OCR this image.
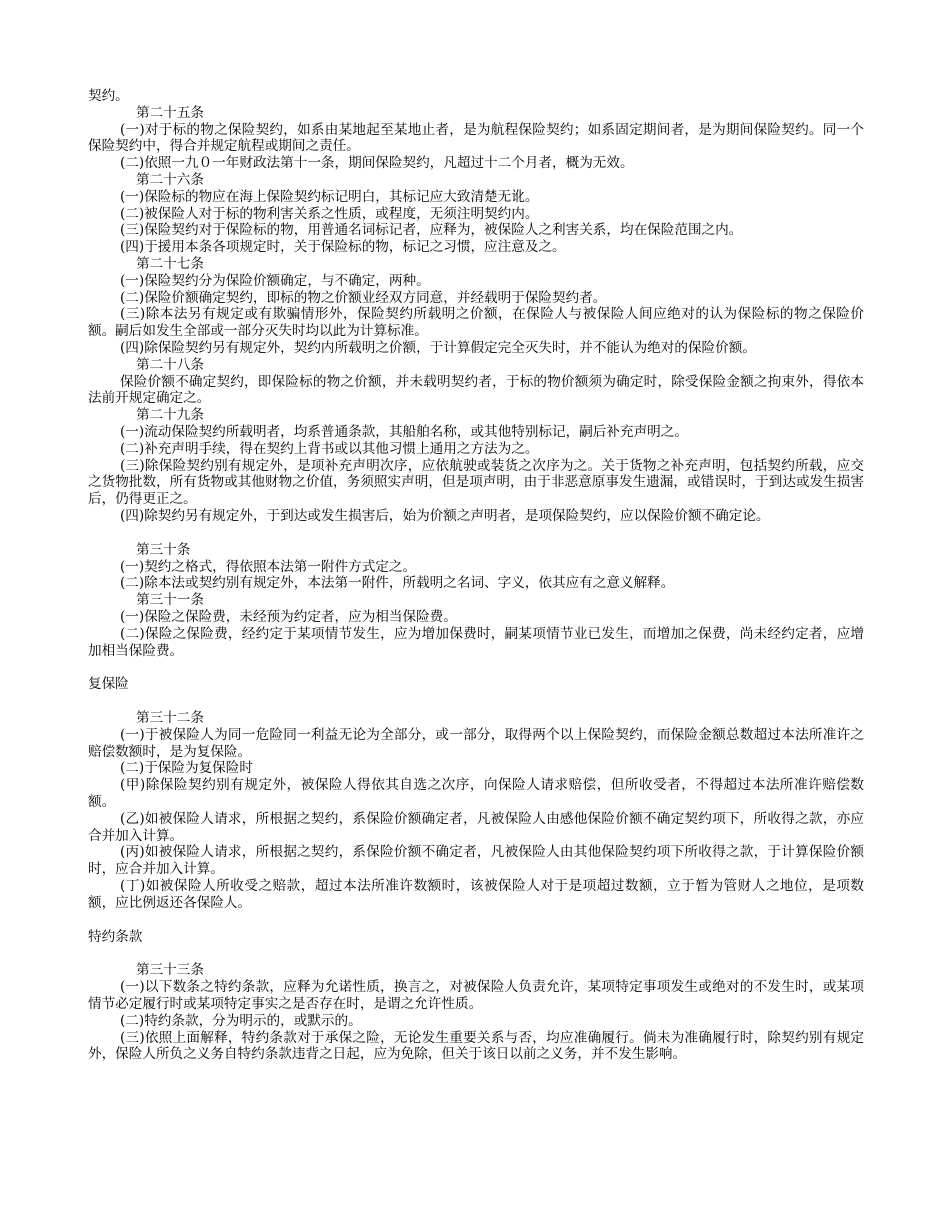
契约。
第二十五条
(一)对于标的物之保险契约，如系由某地起至某地止者，是为航程保险契约；如系固定期间者，是为期间保险契约。同一个保险契约中，得合并规定航程或期间之责任。
(二)依照一九０一年财政法第十一条，期间保险契约，凡超过十二个月者，概为无效。
第二十六条
(一)保险标的物应在海上保险契约标记明白，其标记应大致清楚无讹。
(二)被保险人对于标的物利害关系之性质，或程度，无须注明契约内。
(三)保险契约对于保险标的物，用普通名词标记者，应释为，被保险人之利害关系，均在保险范围之内。
(四)于援用本条各项规定时，关于保险标的物，标记之习惯，应注意及之。
第二十七条
(一)保险契约分为保险价额确定，与不确定，两种。
(二)保险价额确定契约，即标的物之价额业经双方同意，并经载明于保险契约者。
(三)除本法另有规定或有欺骗情形外，保险契约所载明之价额，在保险人与被保险人间应绝对的认为保险标的物之保险价额。嗣后如发生全部或一部分灭失时均以此为计算标准。
(四)除保险契约另有规定外，契约内所载明之价额，于计算假定完全灭失时，并不能认为绝对的保险价额。
第二十八条
保险价额不确定契约，即保险标的物之价额，并未载明契约者，于标的物价额须为确定时，除受保险金额之拘束外，得依本法前开规定确定之。
第二十九条
(一)流动保险契约所载明者，均系普通条款，其船舶名称，或其他特别标记，嗣后补充声明之。
(二)补充声明手续，得在契约上背书或以其他习惯上通用之方法为之。
(三)除保险契约别有规定外，是项补充声明次序，应依航驶或装货之次序为之。关于货物之补充声明，包括契约所载，应交之货物批数，所有货物或其他财物之价值，务须照实声明，但是项声明，由于非恶意原事发生遗漏，或错误时，于到达或发生损害后，仍得更正之。
(四)除契约另有规定外，于到达或发生损害后，始为价额之声明者，是项保险契约，应以保险价额不确定论。
第三十条
(一)契约之格式，得依照本法第一附件方式定之。
(二)除本法或契约别有规定外，本法第一附件，所载明之名词、字义，依其应有之意义解释。
第三十一条
(一)保险之保险费，未经预为约定者，应为相当保险费。
(二)保险之保险费，经约定于某项情节发生，应为增加保费时，嗣某项情节业已发生，而增加之保费，尚未经约定者，应增加相当保险费。
复保险
第三十二条
(一)于被保险人为同一危险同一利益无论为全部分，或一部分，取得两个以上保险契约，而保险金额总数超过本法所准许之赔偿数额时，是为复保险。
(二)于保险为复保险时
(甲)除保险契约别有规定外，被保险人得依其自选之次序，向保险人请求赔偿，但所收受者，不得超过本法所准许赔偿数额。
(乙)如被保险人请求，所根据之契约，系保险价额确定者，凡被保险人由感他保险价额不确定契约项下，所收得之款，亦应合并加入计算。
(丙)如被保险人请求，所根据之契约，系保险价额不确定者，凡被保险人由其他保险契约项下所收得之款，于计算保险价额时，应合并加入计算。
(丁)如被保险人所收受之赔款，超过本法所准许数额时，该被保险人对于是项超过数额，立于暂为管财人之地位，是项数额，应比例返还各保险人。
特约条款
第三十三条
(一)以下数条之特约条款，应释为允诺性质，换言之，对被保险人负责允许，某项特定事项发生或绝对的不发生时，或某项情节必定履行时或某项特定事实之是否存在时，是谓之允许性质。
(二)特约条款，分为明示的，或默示的。
(三)依照上面解释，特约条款对于承保之险，无论发生重要关系与否，均应准确履行。倘未为准确履行时，除契约别有规定外，保险人所负之义务自特约条款违背之日起，应为免除，但关于该日以前之义务，并不发生影响。
